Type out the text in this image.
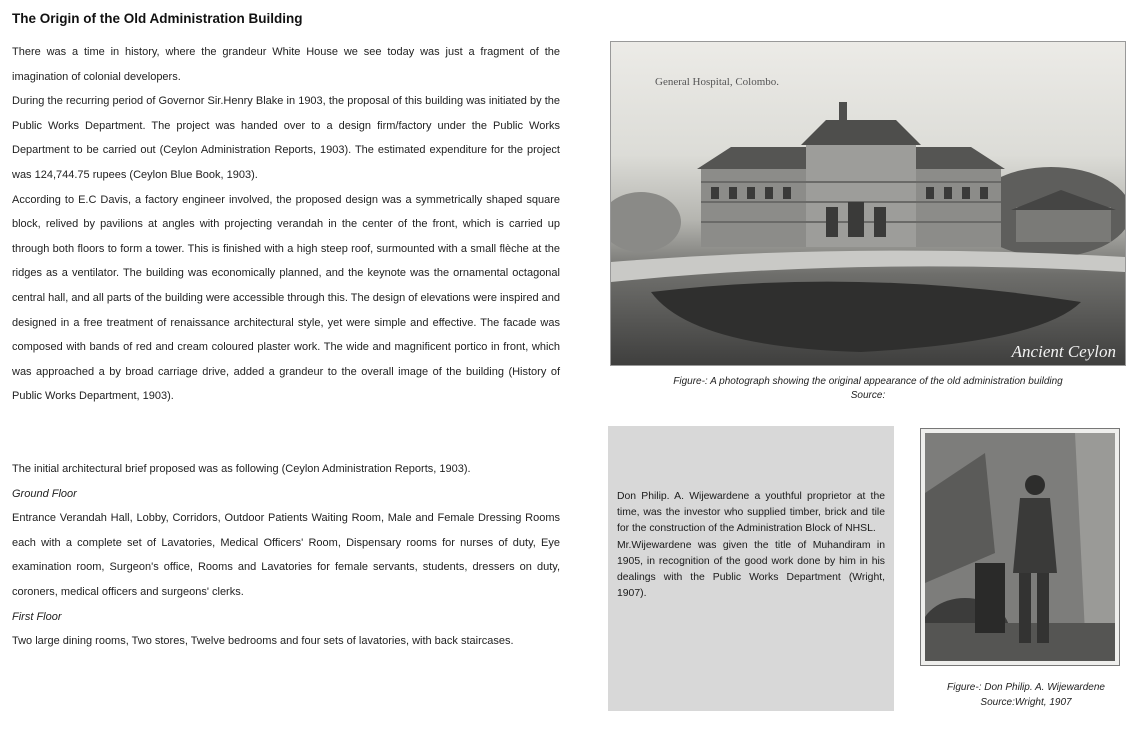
The Origin of the Old Administration Building

There was a time in history, where the grandeur White House we see today was just a fragment of the imagination of colonial developers.

During the recurring period of Governor Sir.Henry Blake in 1903, the proposal of this building was initiated by the Public Works Department. The project was handed over to a design firm/factory under the Public Works Department to be carried out (Ceylon Administration Reports, 1903). The estimated expenditure for the project was 124,744.75 rupees (Ceylon Blue Book, 1903).

According to E.C Davis, a factory engineer involved, the proposed design was a symmetrically shaped square block, relived by pavilions at angles with projecting verandah in the center of the front, which is carried up through both floors to form a tower. This is finished with a high steep roof, surmounted with a small flèche at the ridges as a ventilator. The building was economically planned, and the keynote was the ornamental octagonal central hall, and all parts of the building were accessible through this. The design of elevations were inspired and designed in a free treatment of renaissance architectural style, yet were simple and effective. The facade was composed with bands of red and cream coloured plaster work. The wide and magnificent portico in front, which was approached a by broad carriage drive, added a grandeur to the overall image of the building (History of Public Works Department, 1903).

The initial architectural brief proposed was as following (Ceylon Administration Reports, 1903).

Ground Floor

Entrance Verandah Hall, Lobby, Corridors, Outdoor Patients Waiting Room, Male and Female Dressing Rooms each with a complete set of Lavatories, Medical Officers' Room, Dispensary rooms for nurses of duty, Eye examination room, Surgeon's office, Rooms and Lavatories for female servants, students, dressers on duty, coroners, medical officers and surgeons' clerks.

First Floor

Two large dining rooms, Two stores, Twelve bedrooms and four sets of lavatories, with back staircases.

General Hospital, Colombo.
Ancient Ceylon
Figure-: A photograph showing the original appearance of the old administration building
Source:

Don Philip. A. Wijewardene a youthful proprietor at the time, was the investor who supplied timber, brick and tile for the construction of the Administration Block of NHSL.

Mr.Wijewardene was given the title of Muhandiram in 1905, in recognition of the good work done by him in his dealings with the Public Works Department (Wright, 1907).

Figure-: Don Philip. A. Wijewardene
Source:Wright, 1907
